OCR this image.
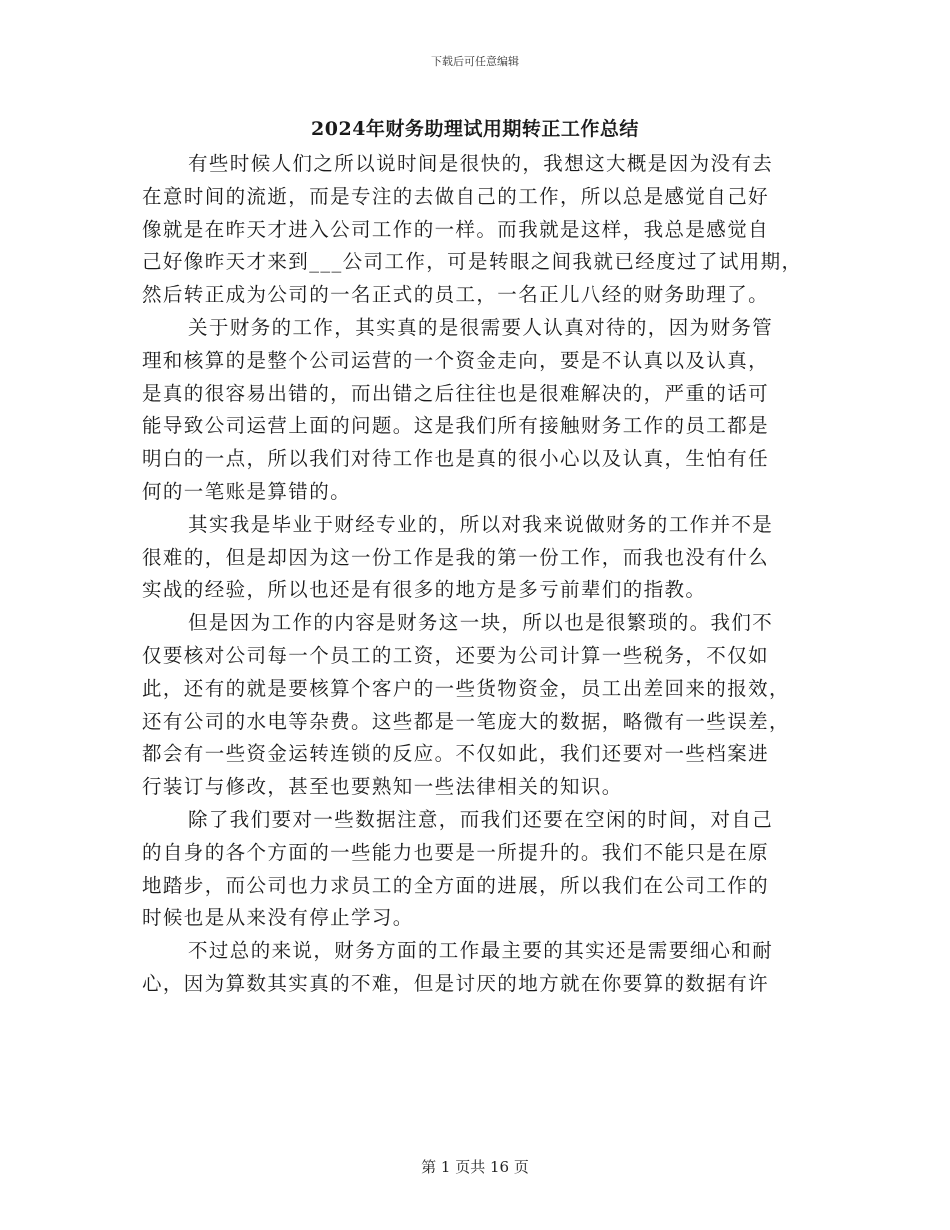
下载后可任意编辑
2024年财务助理试用期转正工作总结
有些时候人们之所以说时间是很快的，我想这大概是因为没有去
在意时间的流逝，而是专注的去做自己的工作，所以总是感觉自己好
像就是在昨天才进入公司工作的一样。而我就是这样，我总是感觉自
己好像昨天才来到___公司工作，可是转眼之间我就已经度过了试用期，
然后转正成为公司的一名正式的员工，一名正儿八经的财务助理了。
关于财务的工作，其实真的是很需要人认真对待的，因为财务管
理和核算的是整个公司运营的一个资金走向，要是不认真以及认真，
是真的很容易出错的，而出错之后往往也是很难解决的，严重的话可
能导致公司运营上面的问题。这是我们所有接触财务工作的员工都是
明白的一点，所以我们对待工作也是真的很小心以及认真，生怕有任
何的一笔账是算错的。
其实我是毕业于财经专业的，所以对我来说做财务的工作并不是
很难的，但是却因为这一份工作是我的第一份工作，而我也没有什么
实战的经验，所以也还是有很多的地方是多亏前辈们的指教。
但是因为工作的内容是财务这一块，所以也是很繁琐的。我们不
仅要核对公司每一个员工的工资，还要为公司计算一些税务，不仅如
此，还有的就是要核算个客户的一些货物资金，员工出差回来的报效，
还有公司的水电等杂费。这些都是一笔庞大的数据，略微有一些误差，
都会有一些资金运转连锁的反应。不仅如此，我们还要对一些档案进
行装订与修改，甚至也要熟知一些法律相关的知识。
除了我们要对一些数据注意，而我们还要在空闲的时间，对自己
的自身的各个方面的一些能力也要是一所提升的。我们不能只是在原
地踏步，而公司也力求员工的全方面的进展，所以我们在公司工作的
时候也是从来没有停止学习。
不过总的来说，财务方面的工作最主要的其实还是需要细心和耐
心，因为算数其实真的不难，但是讨厌的地方就在你要算的数据有许
第 1 页共 16 页
